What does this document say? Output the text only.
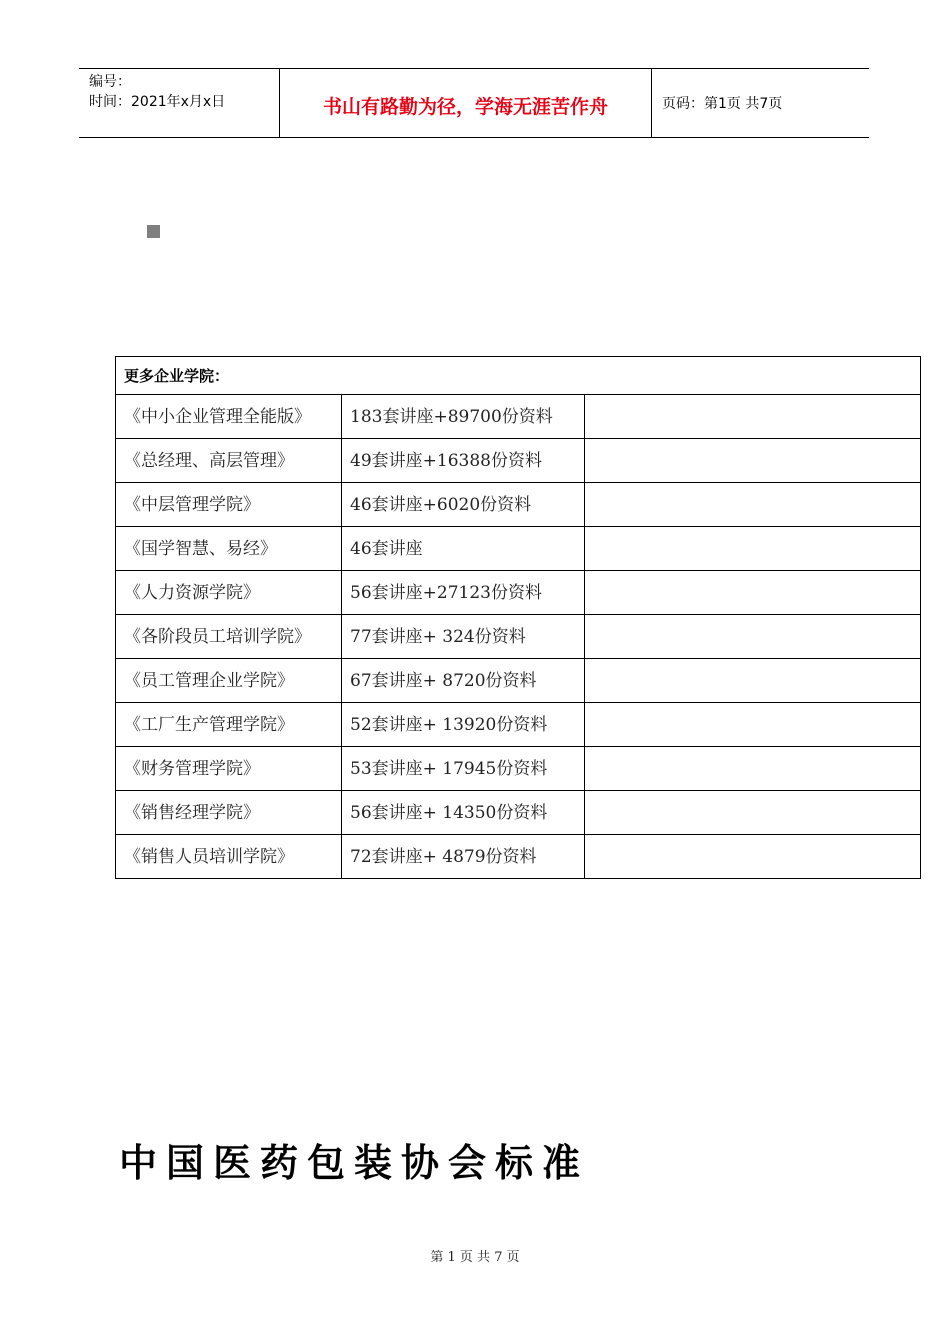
编号：
时间：2021年x月x日	书山有路勤为径，学海无涯苦作舟	页码：第1页 共7页
更多企业学院：		
《中小企业管理全能版》	183套讲座+89700份资料	
《总经理、高层管理》	49套讲座+16388份资料	
《中层管理学院》	46套讲座+6020份资料	
《国学智慧、易经》	46套讲座	
《人力资源学院》	56套讲座+27123份资料	
《各阶段员工培训学院》	77套讲座+ 324份资料	
《员工管理企业学院》	67套讲座+ 8720份资料	
《工厂生产管理学院》	52套讲座+ 13920份资料	
《财务管理学院》	53套讲座+ 17945份资料	
《销售经理学院》	56套讲座+ 14350份资料	
《销售人员培训学院》	72套讲座+ 4879份资料	
中国医药包装协会标准
第 1 页 共 7 页
